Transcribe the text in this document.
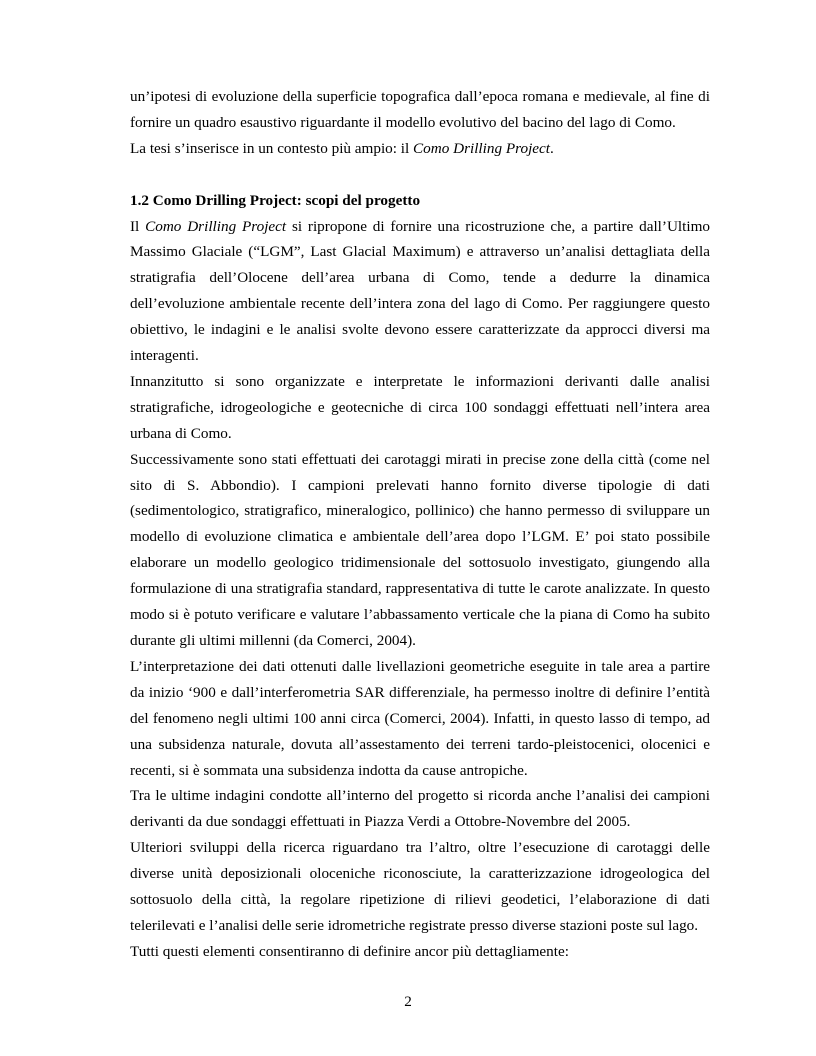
un’ipotesi di evoluzione della superficie topografica dall’epoca romana e medievale, al fine di fornire un quadro esaustivo riguardante il modello evolutivo del bacino del lago di Como.

La tesi s’inserisce in un contesto più ampio: il Como Drilling Project.

1.2 Como Drilling Project: scopi del progetto

Il Como Drilling Project si ripropone di fornire una ricostruzione che, a partire dall’Ultimo Massimo Glaciale (“LGM”, Last Glacial Maximum) e attraverso un’analisi dettagliata della stratigrafia dell’Olocene dell’area urbana di Como, tende a dedurre la dinamica dell’evoluzione ambientale recente dell’intera zona del lago di Como. Per raggiungere questo obiettivo, le indagini e le analisi svolte devono essere caratterizzate da approcci diversi ma interagenti.

Innanzitutto si sono organizzate e interpretate le informazioni derivanti dalle analisi stratigrafiche, idrogeologiche e geotecniche di circa 100 sondaggi effettuati nell’intera area urbana di Como.

Successivamente sono stati effettuati dei carotaggi mirati in precise zone della città (come nel sito di S. Abbondio). I campioni prelevati hanno fornito diverse tipologie di dati (sedimentologico, stratigrafico, mineralogico, pollinico) che hanno permesso di sviluppare un modello di evoluzione climatica e ambientale dell’area dopo l’LGM. E’ poi stato possibile elaborare un modello geologico tridimensionale del sottosuolo investigato, giungendo alla formulazione di una stratigrafia standard, rappresentativa di tutte le carote analizzate. In questo modo si è potuto verificare e valutare l’abbassamento verticale che la piana di Como ha subito durante gli ultimi millenni (da Comerci, 2004).

L’interpretazione dei dati ottenuti dalle livellazioni geometriche eseguite in tale area a partire da inizio ‘900 e dall’interferometria SAR differenziale, ha permesso inoltre di definire l’entità del fenomeno negli ultimi 100 anni circa (Comerci, 2004). Infatti, in questo lasso di tempo, ad una subsidenza naturale, dovuta all’assestamento dei terreni tardo-pleistocenici, olocenici e recenti, si è sommata una subsidenza indotta da cause antropiche.

Tra le ultime indagini condotte all’interno del progetto si ricorda anche l’analisi dei campioni derivanti da due sondaggi effettuati in Piazza Verdi a Ottobre-Novembre del 2005.

Ulteriori sviluppi della ricerca riguardano tra l’altro, oltre l’esecuzione di carotaggi delle diverse unità deposizionali oloceniche riconosciute, la caratterizzazione idrogeologica del sottosuolo della città, la regolare ripetizione di rilievi geodetici, l’elaborazione di dati telerilevati e l’analisi delle serie idrometriche registrate presso diverse stazioni poste sul lago.

Tutti questi elementi consentiranno di definire ancor più dettagliamente:

2
